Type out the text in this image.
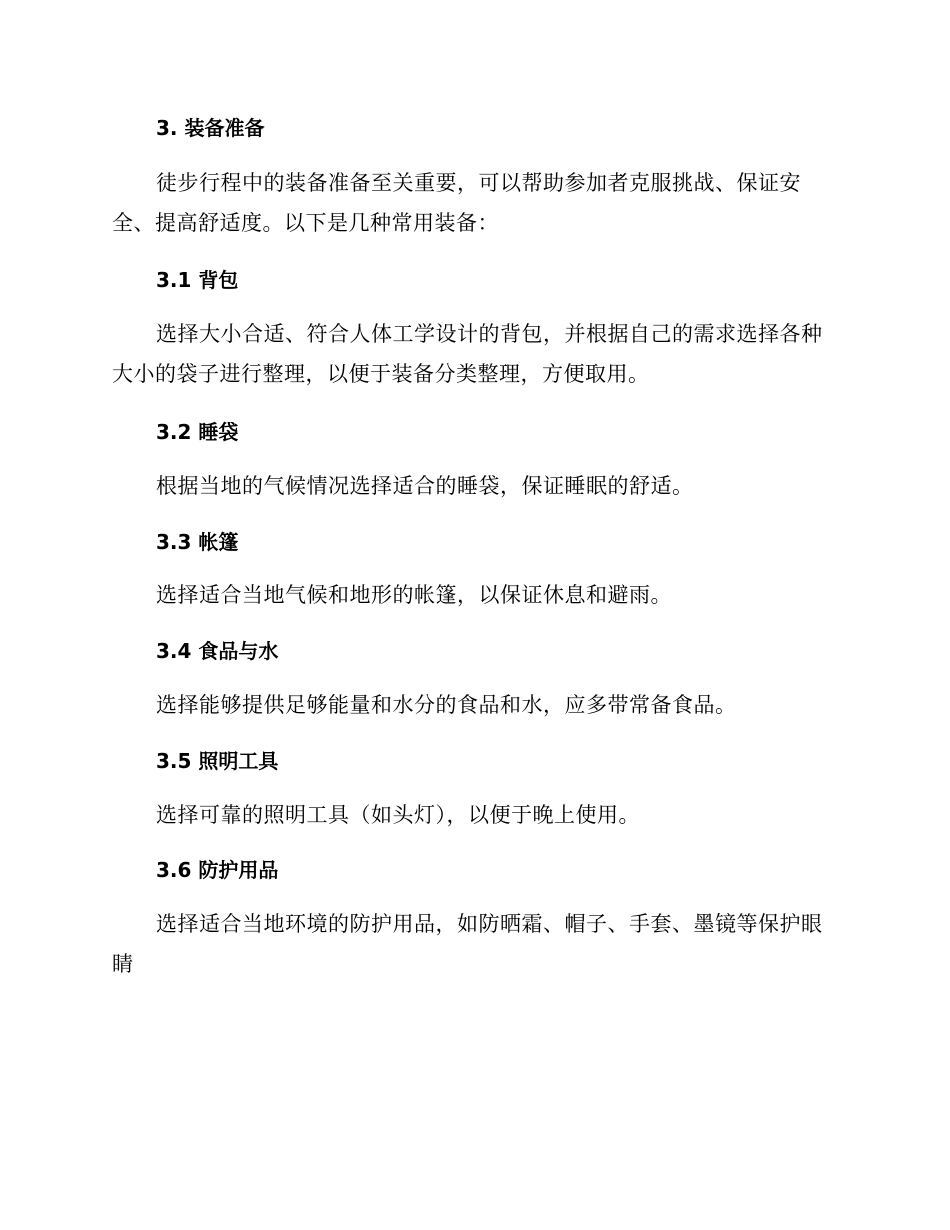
3. 装备准备

徒步行程中的装备准备至关重要，可以帮助参加者克服挑战、保证安全、提高舒适度。以下是几种常用装备：

3.1 背包

选择大小合适、符合人体工学设计的背包，并根据自己的需求选择各种大小的袋子进行整理，以便于装备分类整理，方便取用。

3.2 睡袋

根据当地的气候情况选择适合的睡袋，保证睡眠的舒适。

3.3 帐篷

选择适合当地气候和地形的帐篷，以保证休息和避雨。

3.4 食品与水

选择能够提供足够能量和水分的食品和水，应多带常备食品。

3.5 照明工具

选择可靠的照明工具（如头灯），以便于晚上使用。

3.6 防护用品

选择适合当地环境的防护用品，如防晒霜、帽子、手套、墨镜等保护眼睛
